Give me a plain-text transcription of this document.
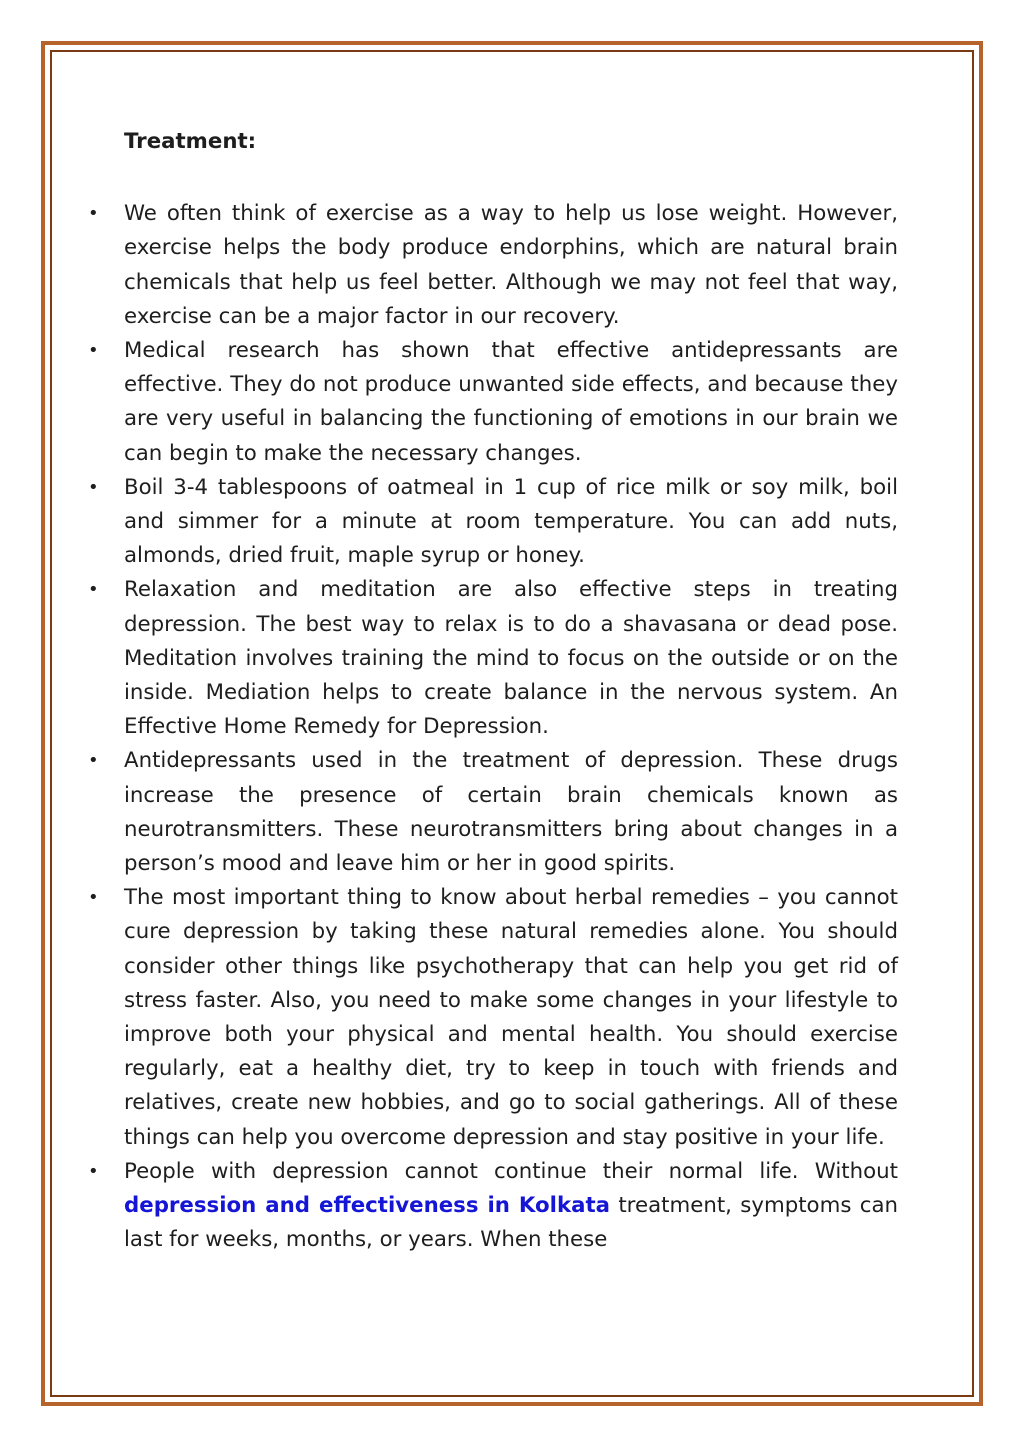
Treatment:
• We often think of exercise as a way to help us lose weight. However, exercise helps the body produce endorphins, which are natural brain chemicals that help us feel better. Although we may not feel that way, exercise can be a major factor in our recovery.
• Medical research has shown that effective antidepressants are effective. They do not produce unwanted side effects, and because they are very useful in balancing the functioning of emotions in our brain we can begin to make the necessary changes.
• Boil 3-4 tablespoons of oatmeal in 1 cup of rice milk or soy milk, boil and simmer for a minute at room temperature. You can add nuts, almonds, dried fruit, maple syrup or honey.
• Relaxation and meditation are also effective steps in treating depression. The best way to relax is to do a shavasana or dead pose. Meditation involves training the mind to focus on the outside or on the inside. Mediation helps to create balance in the nervous system. An Effective Home Remedy for Depression.
• Antidepressants used in the treatment of depression. These drugs increase the presence of certain brain chemicals known as neurotransmitters. These neurotransmitters bring about changes in a person’s mood and leave him or her in good spirits.
• The most important thing to know about herbal remedies – you cannot cure depression by taking these natural remedies alone. You should consider other things like psychotherapy that can help you get rid of stress faster. Also, you need to make some changes in your lifestyle to improve both your physical and mental health. You should exercise regularly, eat a healthy diet, try to keep in touch with friends and relatives, create new hobbies, and go to social gatherings. All of these things can help you overcome depression and stay positive in your life.
• People with depression cannot continue their normal life. Without depression and effectiveness in Kolkata treatment, symptoms can last for weeks, months, or years. When these
